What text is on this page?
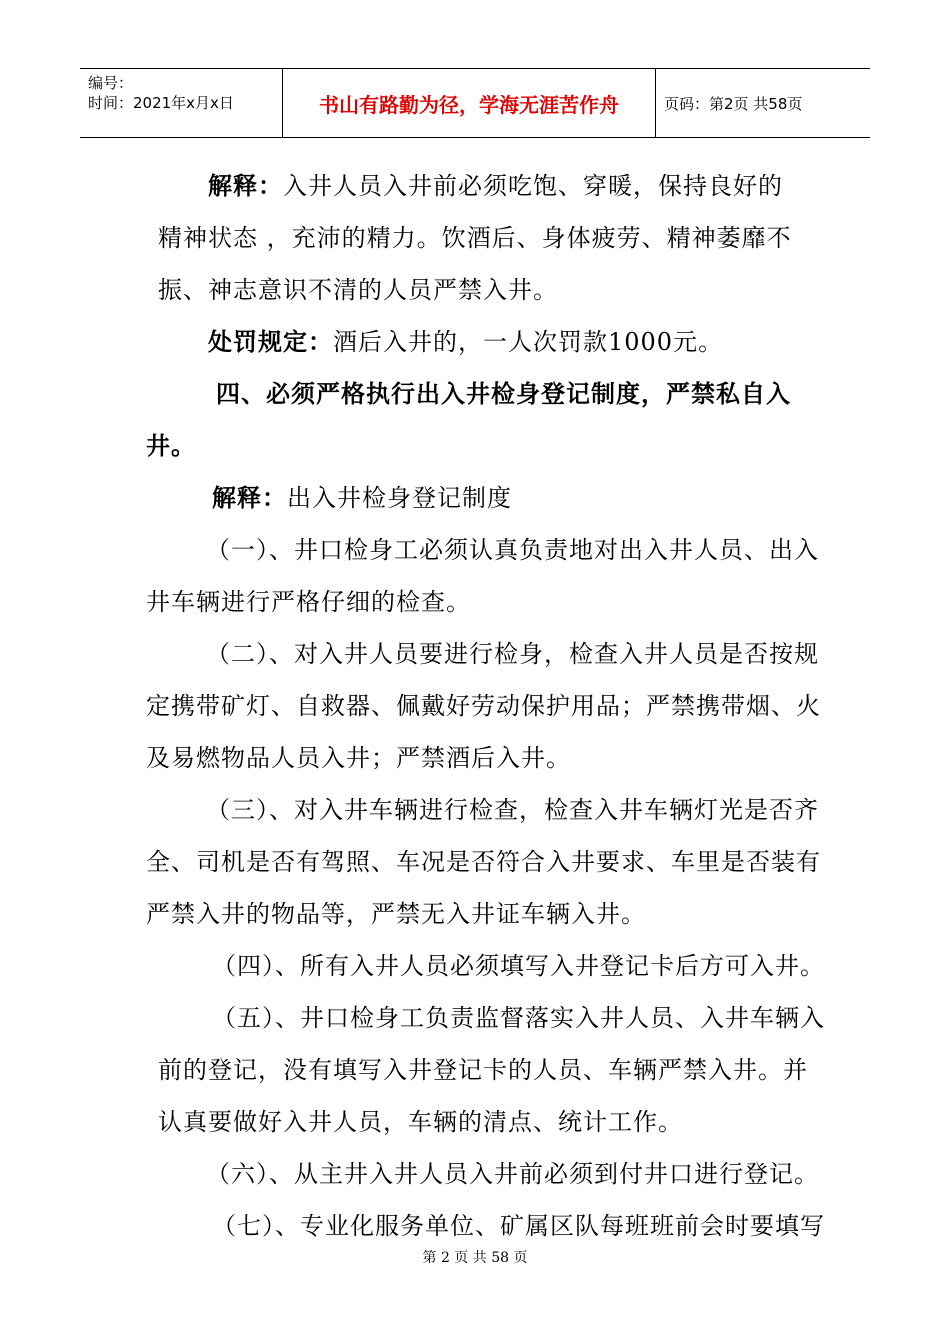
编号：
时间：2021年x月x日	书山有路勤为径，学海无涯苦作舟	页码：第2页 共58页
解释：入井人员入井前必须吃饱、穿暖，保持良好的
精神状态 ，充沛的精力。饮酒后、身体疲劳、精神萎靡不
振、神志意识不清的人员严禁入井。
处罚规定：酒后入井的，一人次罚款1000元。
四、必须严格执行出入井检身登记制度，严禁私自入
井。
解释：出入井检身登记制度
（一）、井口检身工必须认真负责地对出入井人员、出入
井车辆进行严格仔细的检查。
（二）、对入井人员要进行检身，检查入井人员是否按规
定携带矿灯、自救器、佩戴好劳动保护用品；严禁携带烟、火
及易燃物品人员入井；严禁酒后入井。
（三）、对入井车辆进行检查，检查入井车辆灯光是否齐
全、司机是否有驾照、车况是否符合入井要求、车里是否装有
严禁入井的物品等，严禁无入井证车辆入井。
（四）、所有入井人员必须填写入井登记卡后方可入井。
（五）、井口检身工负责监督落实入井人员、入井车辆入
前的登记，没有填写入井登记卡的人员、车辆严禁入井。并
认真要做好入井人员，车辆的清点、统计工作。
（六）、从主井入井人员入井前必须到付井口进行登记。
（七）、专业化服务单位、矿属区队每班班前会时要填写
第 2 页 共 58 页
